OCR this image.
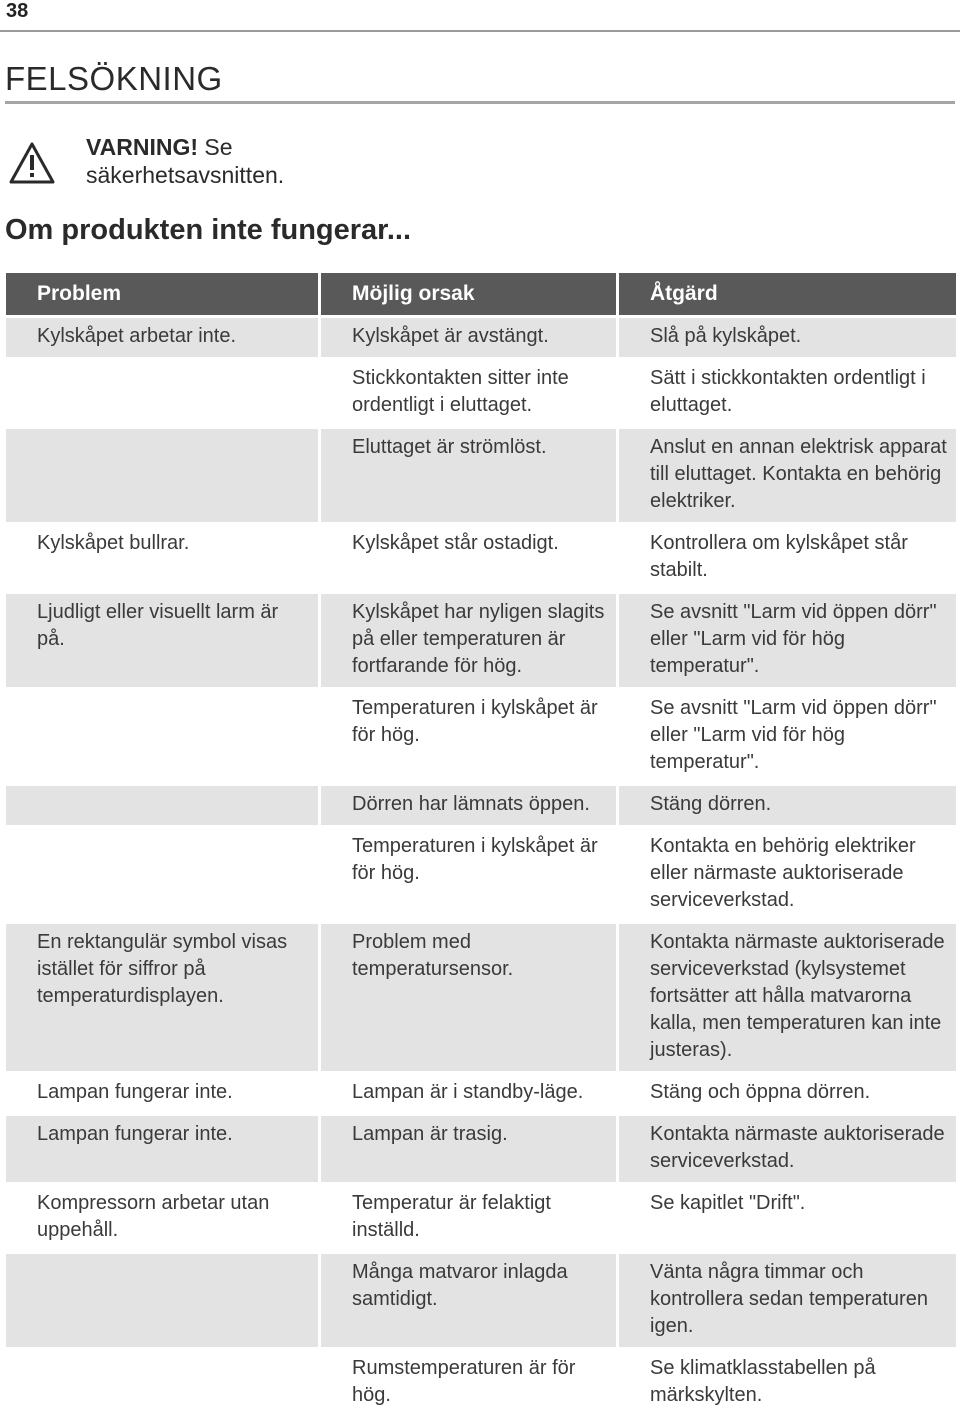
38
FELSÖKNING
VARNING! Se
säkerhetsavsnitten.
Om produkten inte fungerar...
Problem	Möjlig orsak	Åtgärd
Kylskåpet arbetar inte.	Kylskåpet är avstängt.	Slå på kylskåpet.
	Stickkontakten sitter inte ordentligt i eluttaget.	Sätt i stickkontakten ordentligt i eluttaget.
	Eluttaget är strömlöst.	Anslut en annan elektrisk apparat till eluttaget. Kontakta en behörig elektriker.
Kylskåpet bullrar.	Kylskåpet står ostadigt.	Kontrollera om kylskåpet står stabilt.
Ljudligt eller visuellt larm är på.	Kylskåpet har nyligen slagits på eller temperaturen är fortfarande för hög.	Se avsnitt "Larm vid öppen dörr" eller "Larm vid för hög temperatur".
	Temperaturen i kylskåpet är för hög.	Se avsnitt "Larm vid öppen dörr" eller "Larm vid för hög temperatur".
	Dörren har lämnats öppen.	Stäng dörren.
	Temperaturen i kylskåpet är för hög.	Kontakta en behörig elektriker eller närmaste auktoriserade serviceverkstad.
En rektangulär symbol visas istället för siffror på temperaturdisplayen.	Problem med temperatursensor.	Kontakta närmaste auktoriserade serviceverkstad (kylsystemet fortsätter att hålla matvarorna kalla, men temperaturen kan inte justeras).
Lampan fungerar inte.	Lampan är i standby-läge.	Stäng och öppna dörren.
Lampan fungerar inte.	Lampan är trasig.	Kontakta närmaste auktoriserade serviceverkstad.
Kompressorn arbetar utan uppehåll.	Temperatur är felaktigt inställd.	Se kapitlet "Drift".
	Många matvaror inlagda samtidigt.	Vänta några timmar och kontrollera sedan temperaturen igen.
	Rumstemperaturen är för hög.	Se klimatklasstabellen på märkskylten.
